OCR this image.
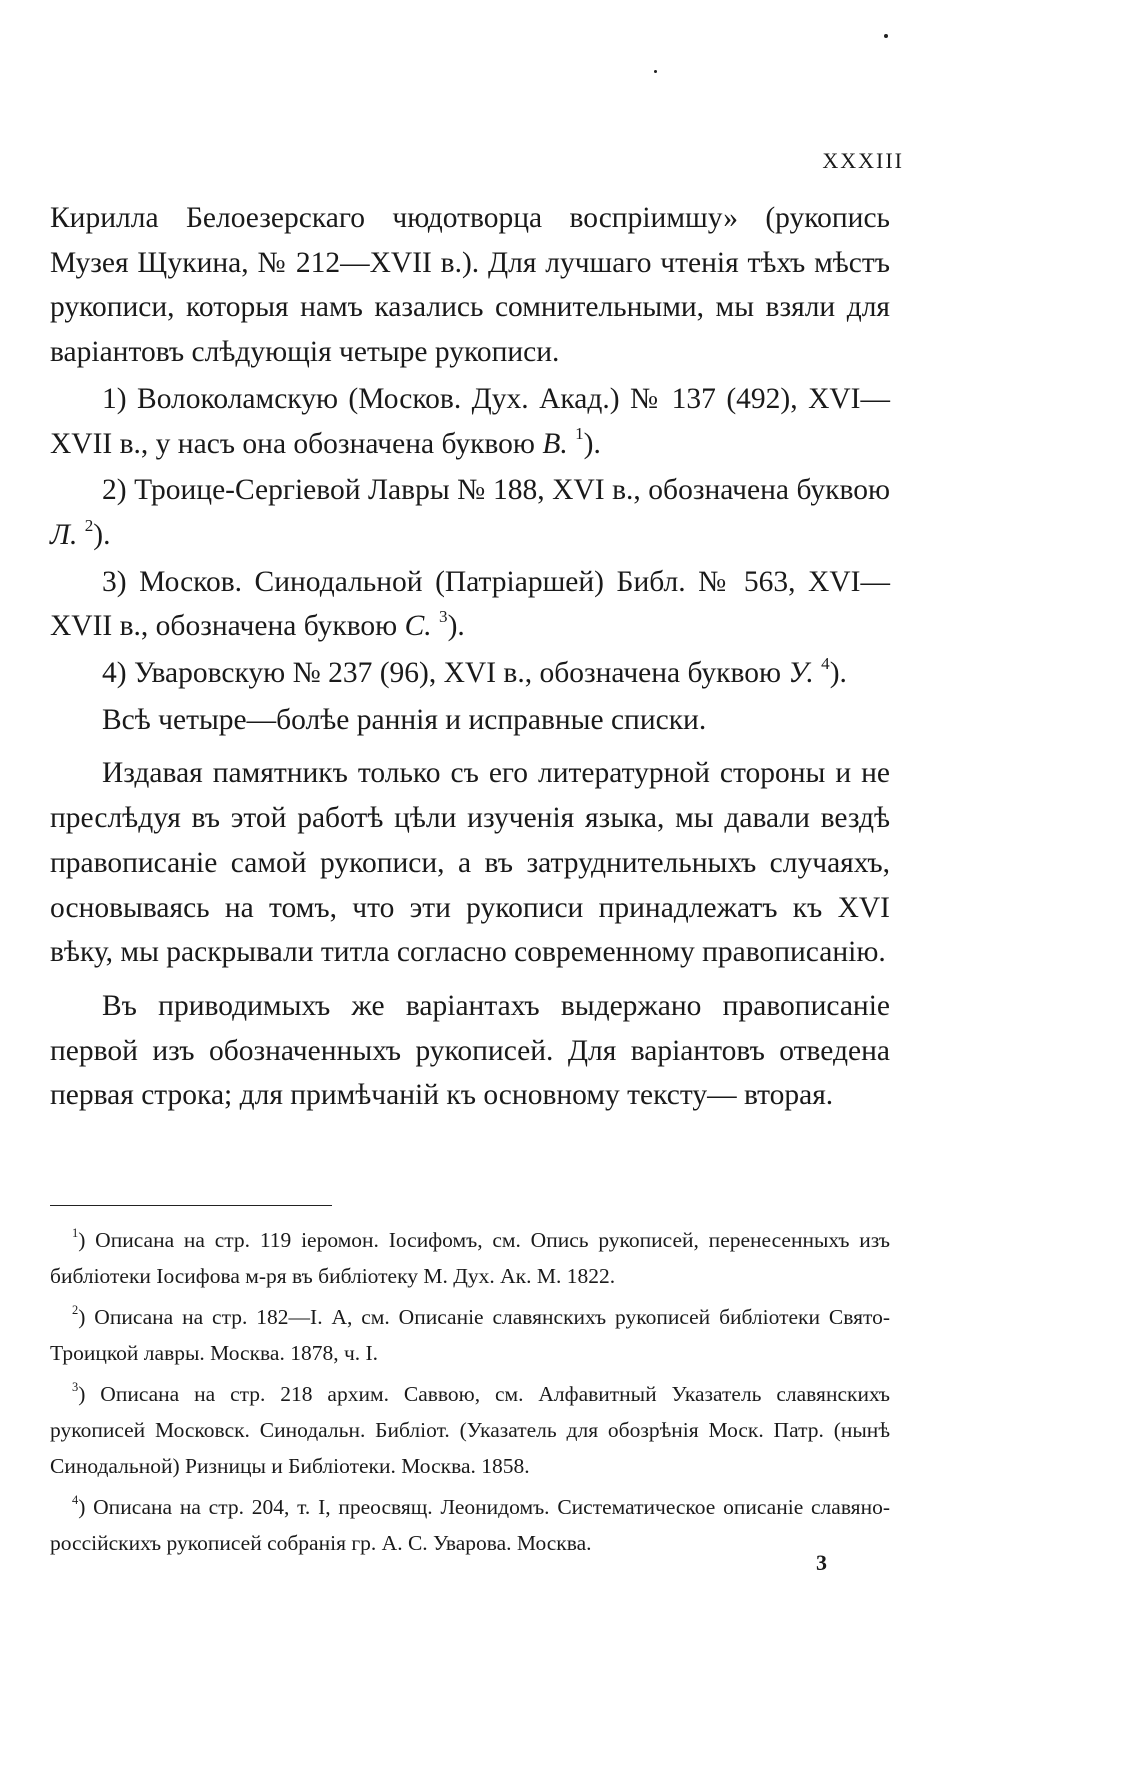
XXXIII

Кирилла Белоезерскаго чюдотворца воспріимшу» (рукопись Музея Щукина, № 212—XVII в.). Для лучшаго чтенія тѣхъ мѣстъ рукописи, которыя намъ казались сомнительными, мы взяли для варіантовъ слѣдующія четыре рукописи.

1) Волоколамскую (Москов. Дух. Акад.) № 137 (492), XVI—XVII в., у насъ она обозначена буквою В. $^1$).

2) Троице-Сергіевой Лавры № 188, XVI в., обозначена буквою Л. $^2$).

3) Москов. Синодальной (Патріаршей) Библ. № 563, XVI—XVII в., обозначена буквою С. $^3$).

4) Уваровскую № 237 (96), XVI в., обозначена буквою У. $^4$).

Всѣ четыре—болѣе раннія и исправные списки.

Издавая памятникъ только съ его литературной стороны и не преслѣдуя въ этой работѣ цѣли изученія языка, мы давали вездѣ правописаніе самой рукописи, а въ затруднительныхъ случаяхъ, основываясь на томъ, что эти рукописи принадлежатъ къ XVI вѣку, мы раскрывали титла согласно современному правописанію.

Въ приводимыхъ же варіантахъ выдержано правописаніе первой изъ обозначенныхъ рукописей. Для варіантовъ отведена первая строка; для примѣчаній къ основному тексту— вторая.

$^1$) Описана на стр. 119 іеромон. Іосифомъ, см. Опись рукописей, перенесенныхъ изъ библіотеки Іосифова м-ря въ библіотеку М. Дух. Ак. М. 1822.

$^2$) Описана на стр. 182—I. А, см. Описаніе славянскихъ рукописей библіотеки Свято-Троицкой лавры. Москва. 1878, ч. I.

$^3$) Описана на стр. 218 архим. Саввою, см. Алфавитный Указатель славянскихъ рукописей Московск. Синодальн. Библіот. (Указатель для обозрѣнія Моск. Патр. (нынѣ Синодальной) Ризницы и Библіотеки. Москва. 1858.

$^4$) Описана на стр. 204, т. I, преосвящ. Леонидомъ. Систематическое описаніе славяно-россійскихъ рукописей собранія гр. А. С. Уварова. Москва.

3
